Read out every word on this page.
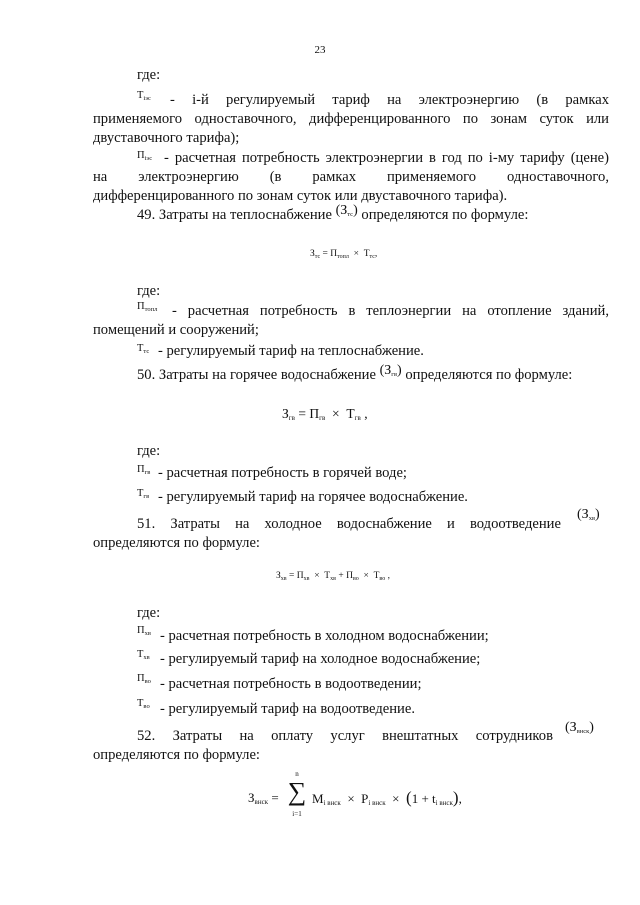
23
где:
$Т_{iэс} - i-й$ регулируемый тариф на электроэнергию (в рамках
применяемого одноставочного, дифференцированного по зонам суток или
двуставочного тарифа);
$П_{iэс}$ - расчетная потребность электроэнергии в год по i-му тарифу (цене)
на электроэнергию (в рамках применяемого одноставочного,
дифференцированного по зонам суток или двуставочного тарифа).
49. Затраты на теплоснабжение $(З_{тс})$ определяются по формуле:
$З_{тс} = П_{топл} \times Т_{тс}$,
где:
$П_{топл}$ - расчетная потребность в теплоэнергии на отопление зданий,
помещений и сооружений;
$Т_{тс}$ - регулируемый тариф на теплоснабжение.
50. Затраты на горячее водоснабжение $(З_{гв})$ определяются по формуле:
$З_{гв} = П_{гв} \times Т_{гв}$ ,
где:
$П_{гв}$ - расчетная потребность в горячей воде;
$Т_{гв}$ - регулируемый тариф на горячее водоснабжение.
51. Затраты на холодное водоснабжение и водоотведение
$(З_{хв})$
определяются по формуле:
$З_{хв} = П_{хв} \times Т_{хв} + П_{во} \times Т_{во}$ ,
где:
$П_{хв}$ - расчетная потребность в холодном водоснабжении;
$Т_{хв}$ - регулируемый тариф на холодное водоснабжение;
$П_{во}$ - расчетная потребность в водоотведении;
$Т_{во}$ - регулируемый тариф на водоотведение.
52. Затраты на оплату услуг внештатных сотрудников
$(З_{внск})$
определяются по формуле:
$З_{внск}$ =
n
∑
i=1
$M_{i внск} \times P_{i внск} \times (1 + t_{i внск})$,
